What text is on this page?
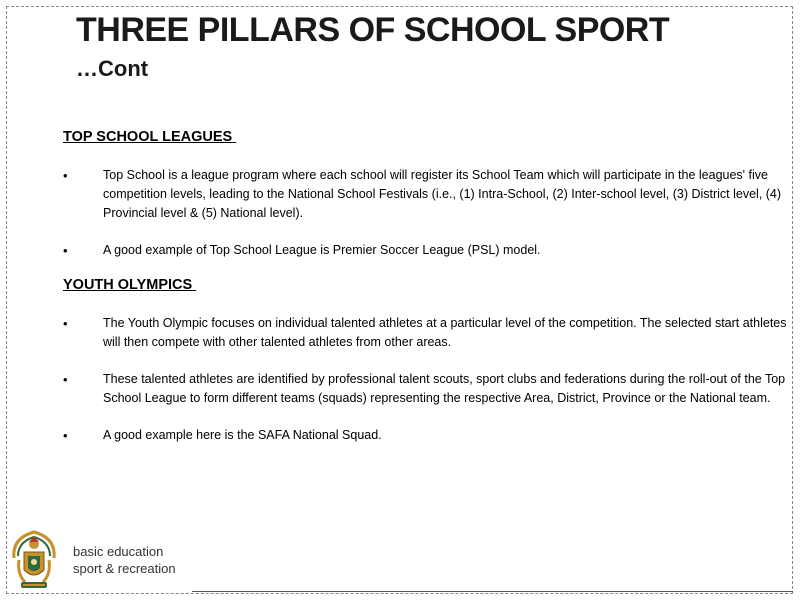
THREE PILLARS OF SCHOOL SPORT
…Cont

TOP SCHOOL LEAGUES

•	Top School is a league program where each school will register its School Team which will participate in the leagues' five competition levels, leading to the National School Festivals (i.e., (1) Intra-School, (2) Inter-school level, (3) District level, (4) Provincial level & (5) National level).

•	A good example of Top School League is Premier Soccer League (PSL) model.

YOUTH OLYMPICS

•	The Youth Olympic focuses on individual talented athletes at a particular level of the competition. The selected start athletes will then compete with other talented athletes from other areas.

•	These talented athletes are identified by professional talent scouts, sport clubs and federations during the roll-out of the Top School League to form different teams (squads) representing the respective Area, District, Province or the National team.

•	A good example here is the SAFA National Squad.

basic education
sport & recreation
